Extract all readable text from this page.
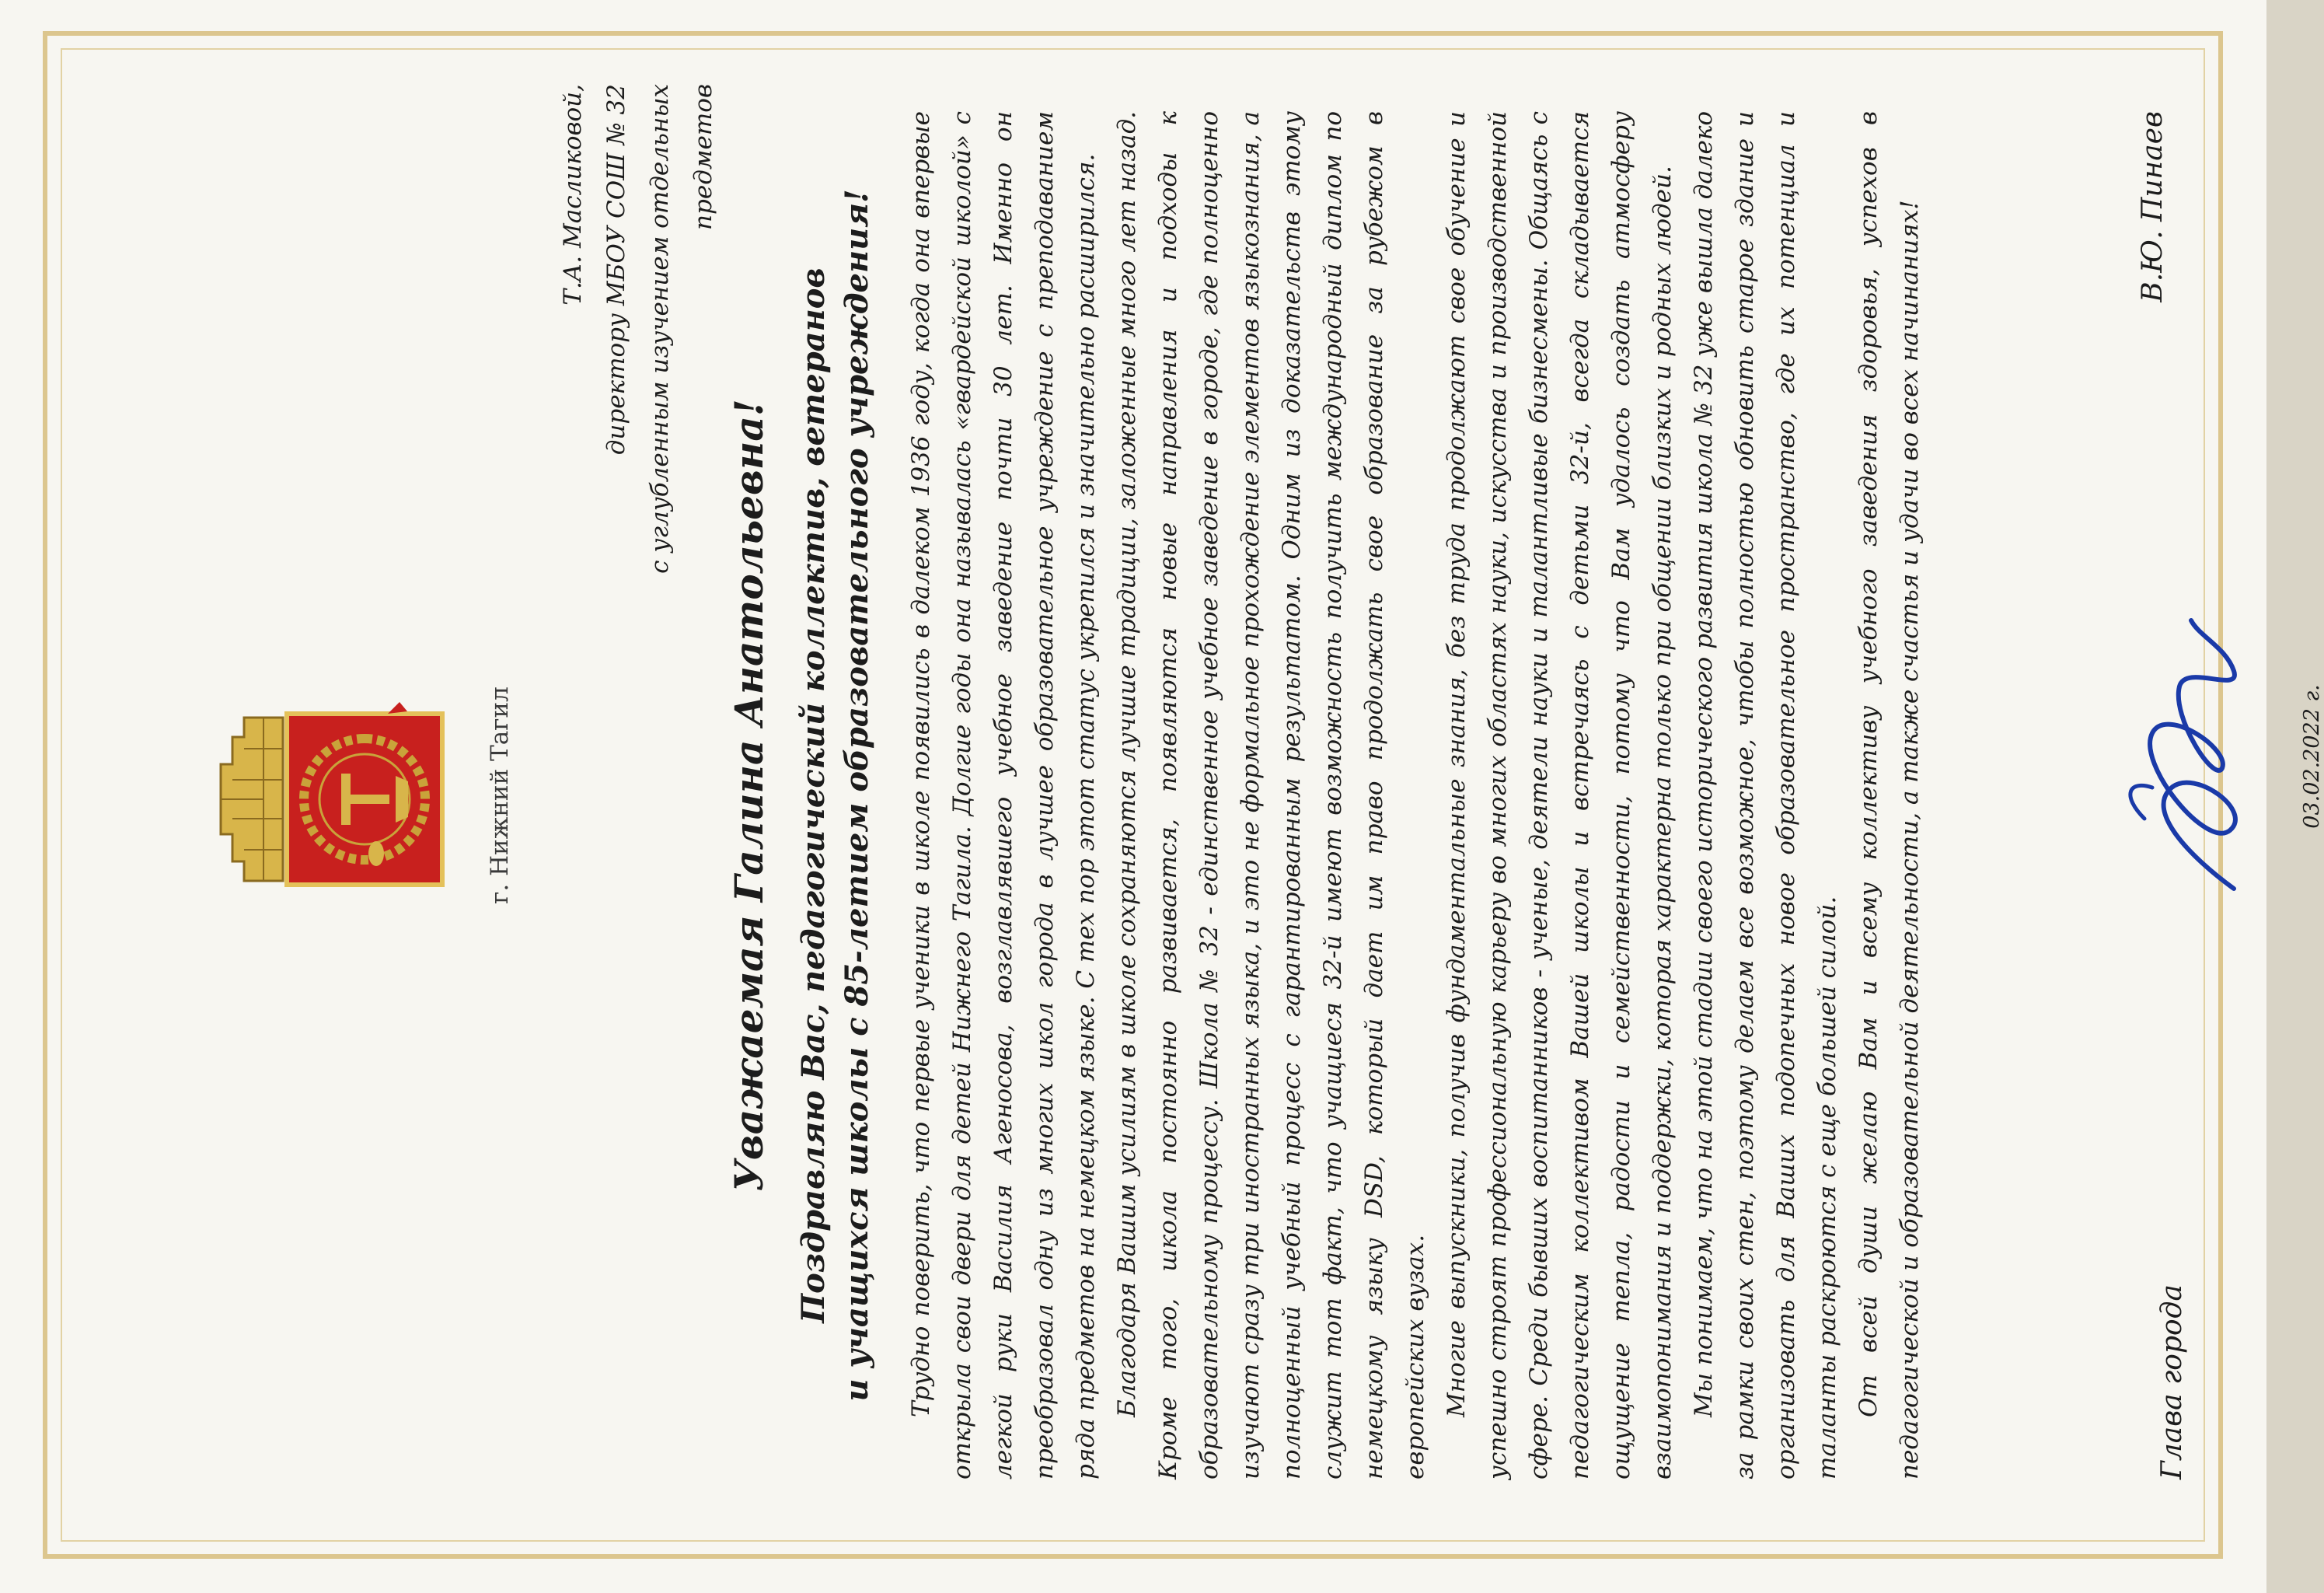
г. Нижний Тагил
Т.А. Масликовой, директору МБОУ СОШ № 32 с углубленным изучением отдельных предметов
Уважаемая Галина Анатольевна! Поздравляю Вас, педагогический коллектив, ветеранов и учащихся школы с 85-летием образовательного учреждения! Трудно поверить, что первые ученики в школе появились в далеком 1936 году, когда она впервые открыла свои двери для детей Нижнего Тагила. Долгие годы она называлась «гвардейской школой» с легкой руки Василия Агеносова, возглавлявшего учебное заведение почти 30 лет. Именно он преобразовал одну из многих школ города в лучшее образовательное учреждение с преподаванием ряда предметов на немецком языке. С тех пор этот статус укрепился и значительно расширился. Благодаря Вашим усилиям в школе сохраняются лучшие традиции, заложенные много лет назад. Кроме того, школа постоянно развивается, появляются новые направления и подходы к образовательному процессу. Школа № 32 - единственное учебное заведение в городе, где полноценно изучают сразу три иностранных языка, и это не формальное прохождение элементов языкознания, а полноценный учебный процесс с гарантированным результатом. Одним из доказательств этому служит тот факт, что учащиеся 32-й имеют возможность получить международный диплом по немецкому языку DSD, который дает им право продолжать свое образование за рубежом в европейских вузах. Многие выпускники, получив фундаментальные знания, без труда продолжают свое обучение и успешно строят профессиональную карьеру во многих областях науки, искусства и производственной сфере. Среди бывших воспитанников - ученые, деятели науки и талантливые бизнесмены. Общаясь с педагогическим коллективом Вашей школы и встречаясь с детьми 32-й, всегда складывается ощущение тепла, радости и семейственности, потому что Вам удалось создать атмосферу взаимопонимания и поддержки, которая характерна только при общении близких и родных людей. Мы понимаем, что на этой стадии своего исторического развития школа № 32 уже вышла далеко за рамки своих стен, поэтому делаем все возможное, чтобы полностью обновить старое здание и организовать для Ваших подопечных новое образовательное пространство, где их потенциал и таланты раскроются с еще большей силой. От всей души желаю Вам и всему коллективу учебного заведения здоровья, успехов в педагогической и образовательной деятельности, а также счастья и удачи во всех начинаниях!	Глава города
В.Ю. Пинаев
03.02.2022 г.
